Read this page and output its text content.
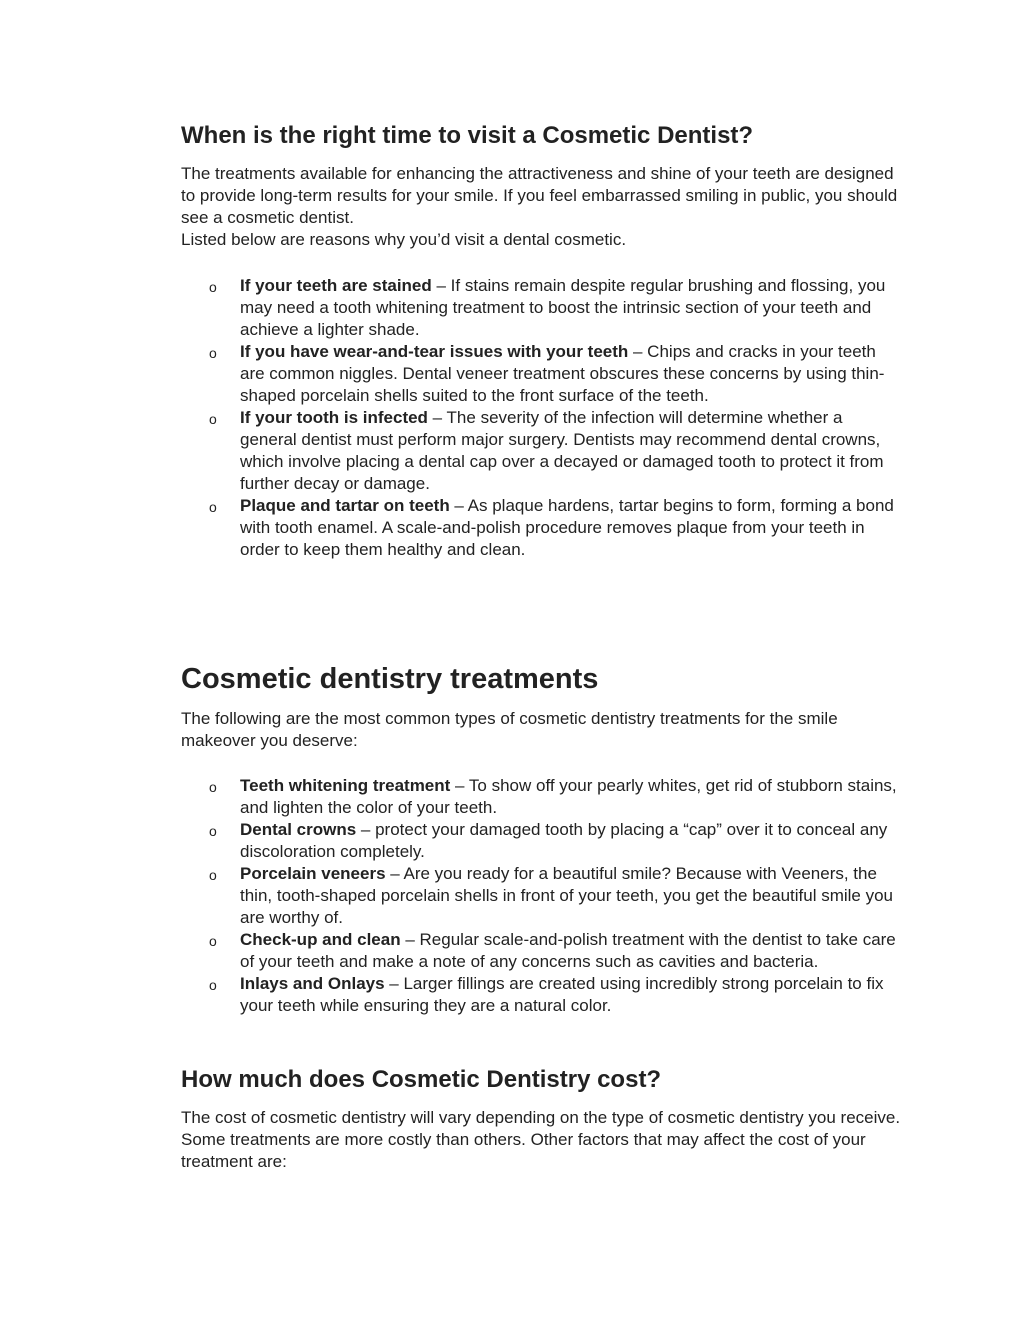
When is the right time to visit a Cosmetic Dentist?

The treatments available for enhancing the attractiveness and shine of your teeth are designed to provide long-term results for your smile. If you feel embarrassed smiling in public, you should see a cosmetic dentist.

Listed below are reasons why you’d visit a dental cosmetic.

o If your teeth are stained – If stains remain despite regular brushing and flossing, you may need a tooth whitening treatment to boost the intrinsic section of your teeth and achieve a lighter shade.
o If you have wear-and-tear issues with your teeth – Chips and cracks in your teeth are common niggles. Dental veneer treatment obscures these concerns by using thin-shaped porcelain shells suited to the front surface of the teeth.
o If your tooth is infected – The severity of the infection will determine whether a general dentist must perform major surgery. Dentists may recommend dental crowns, which involve placing a dental cap over a decayed or damaged tooth to protect it from further decay or damage.
o Plaque and tartar on teeth – As plaque hardens, tartar begins to form, forming a bond with tooth enamel. A scale-and-polish procedure removes plaque from your teeth in order to keep them healthy and clean.
Cosmetic dentistry treatments

The following are the most common types of cosmetic dentistry treatments for the smile makeover you deserve:

o Teeth whitening treatment – To show off your pearly whites, get rid of stubborn stains, and lighten the color of your teeth.
o Dental crowns – protect your damaged tooth by placing a “cap” over it to conceal any discoloration completely.
o Porcelain veneers – Are you ready for a beautiful smile? Because with Veeners, the thin, tooth-shaped porcelain shells in front of your teeth, you get the beautiful smile you are worthy of.
o Check-up and clean – Regular scale-and-polish treatment with the dentist to take care of your teeth and make a note of any concerns such as cavities and bacteria.
o Inlays and Onlays – Larger fillings are created using incredibly strong porcelain to fix your teeth while ensuring they are a natural color.
How much does Cosmetic Dentistry cost?

The cost of cosmetic dentistry will vary depending on the type of cosmetic dentistry you receive. Some treatments are more costly than others. Other factors that may affect the cost of your treatment are:
